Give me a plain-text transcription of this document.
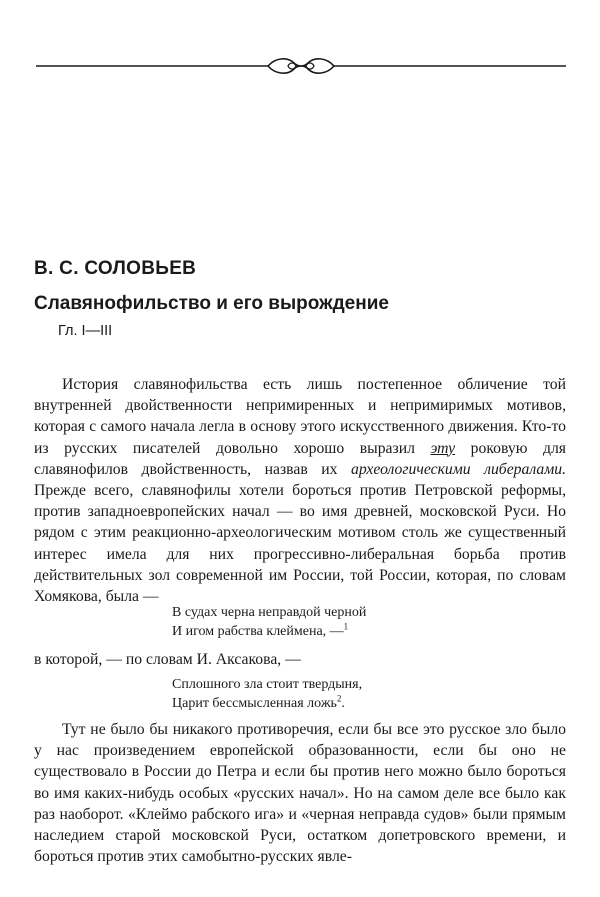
В. С. СОЛОВЬЕВ
Славянофильство и его вырождение
Гл. I—III

История славянофильства есть лишь постепенное обличение той внутренней двойственности непримиренных и непримиримых мотивов, которая с самого начала легла в основу этого искусственного движения. Кто-то из русских писателей довольно хорошо выразил эту роковую для славянофилов двойственность, назвав их археологическими либералами. Прежде всего, славянофилы хотели бороться против Петровской реформы, против западноевропейских начал — во имя древней, московской Руси. Но рядом с этим реакционно-археологическим мотивом столь же существенный интерес имела для них прогрессивно-либеральная борьба против действительных зол современной им России, той России, которая, по словам Хомякова, была —

В судах черна неправдой черной
И игом рабства клеймена, —$^1$

в которой, — по словам И. Аксакова, —

Сплошного зла стоит твердыня,
Царит бессмысленная ложь$^2$.

Тут не было бы никакого противоречия, если бы все это русское зло было у нас произведением европейской образованности, если бы оно не существовало в России до Петра и если бы против него можно было бороться во имя каких-нибудь особых «русских начал». Но на самом деле все было как раз наоборот. «Клеймо рабского ига» и «черная неправда судов» были прямым наследием старой московской Руси, остатком допетровского времени, и бороться против этих самобытно-русских явле-
